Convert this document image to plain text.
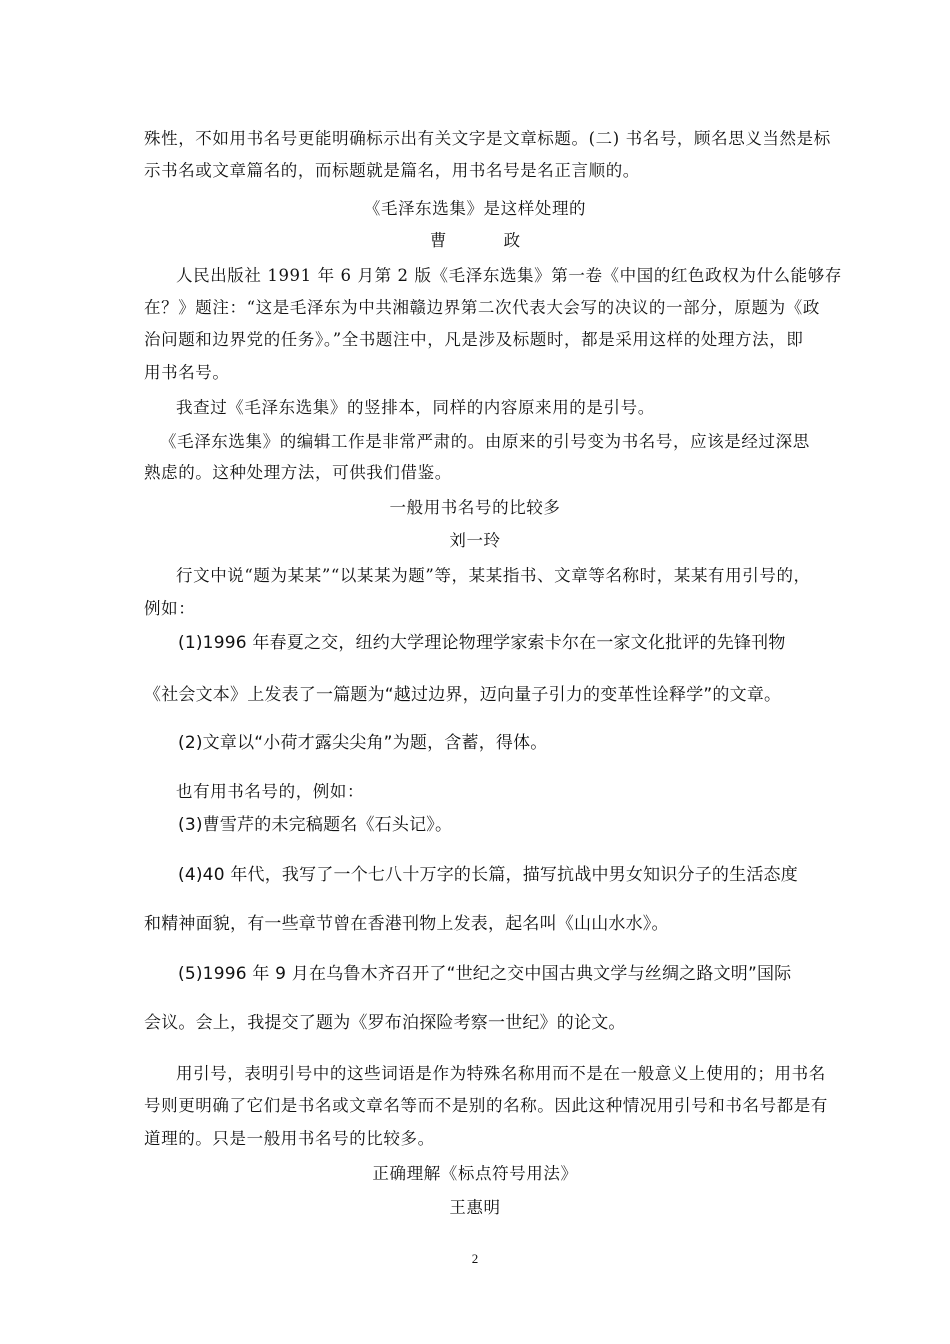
殊性，不如用书名号更能明确标示出有关文字是文章标题。(二) 书名号，顾名思义当然是标
示书名或文章篇名的，而标题就是篇名，用书名号是名正言顺的。
《毛泽东选集》是这样处理的
曹 政
人民出版社 1991 年 6 月第 2 版《毛泽东选集》第一卷《中国的红色政权为什么能够存
在？》题注：“这是毛泽东为中共湘赣边界第二次代表大会写的决议的一部分，原题为《政
治问题和边界党的任务》。”全书题注中，凡是涉及标题时，都是采用这样的处理方法，即
用书名号。
我查过《毛泽东选集》的竖排本，同样的内容原来用的是引号。
《毛泽东选集》的编辑工作是非常严肃的。由原来的引号变为书名号，应该是经过深思
熟虑的。这种处理方法，可供我们借鉴。
一般用书名号的比较多
刘一玲
行文中说“题为某某”“以某某为题”等，某某指书、文章等名称时，某某有用引号的，
例如：
(1)1996 年春夏之交，纽约大学理论物理学家索卡尔在一家文化批评的先锋刊物
《社会文本》上发表了一篇题为“越过边界，迈向量子引力的变革性诠释学”的文章。
(2)文章以“小荷才露尖尖角”为题，含蓄，得体。
也有用书名号的，例如：
(3)曹雪芹的未完稿题名《石头记》。
(4)40 年代，我写了一个七八十万字的长篇，描写抗战中男女知识分子的生活态度
和精神面貌，有一些章节曾在香港刊物上发表，起名叫《山山水水》。
(5)1996 年 9 月在乌鲁木齐召开了“世纪之交中国古典文学与丝绸之路文明”国际
会议。会上，我提交了题为《罗布泊探险考察一世纪》的论文。
用引号，表明引号中的这些词语是作为特殊名称用而不是在一般意义上使用的；用书名
号则更明确了它们是书名或文章名等而不是别的名称。因此这种情况用引号和书名号都是有
道理的。只是一般用书名号的比较多。
正确理解《标点符号用法》
王惠明
2
